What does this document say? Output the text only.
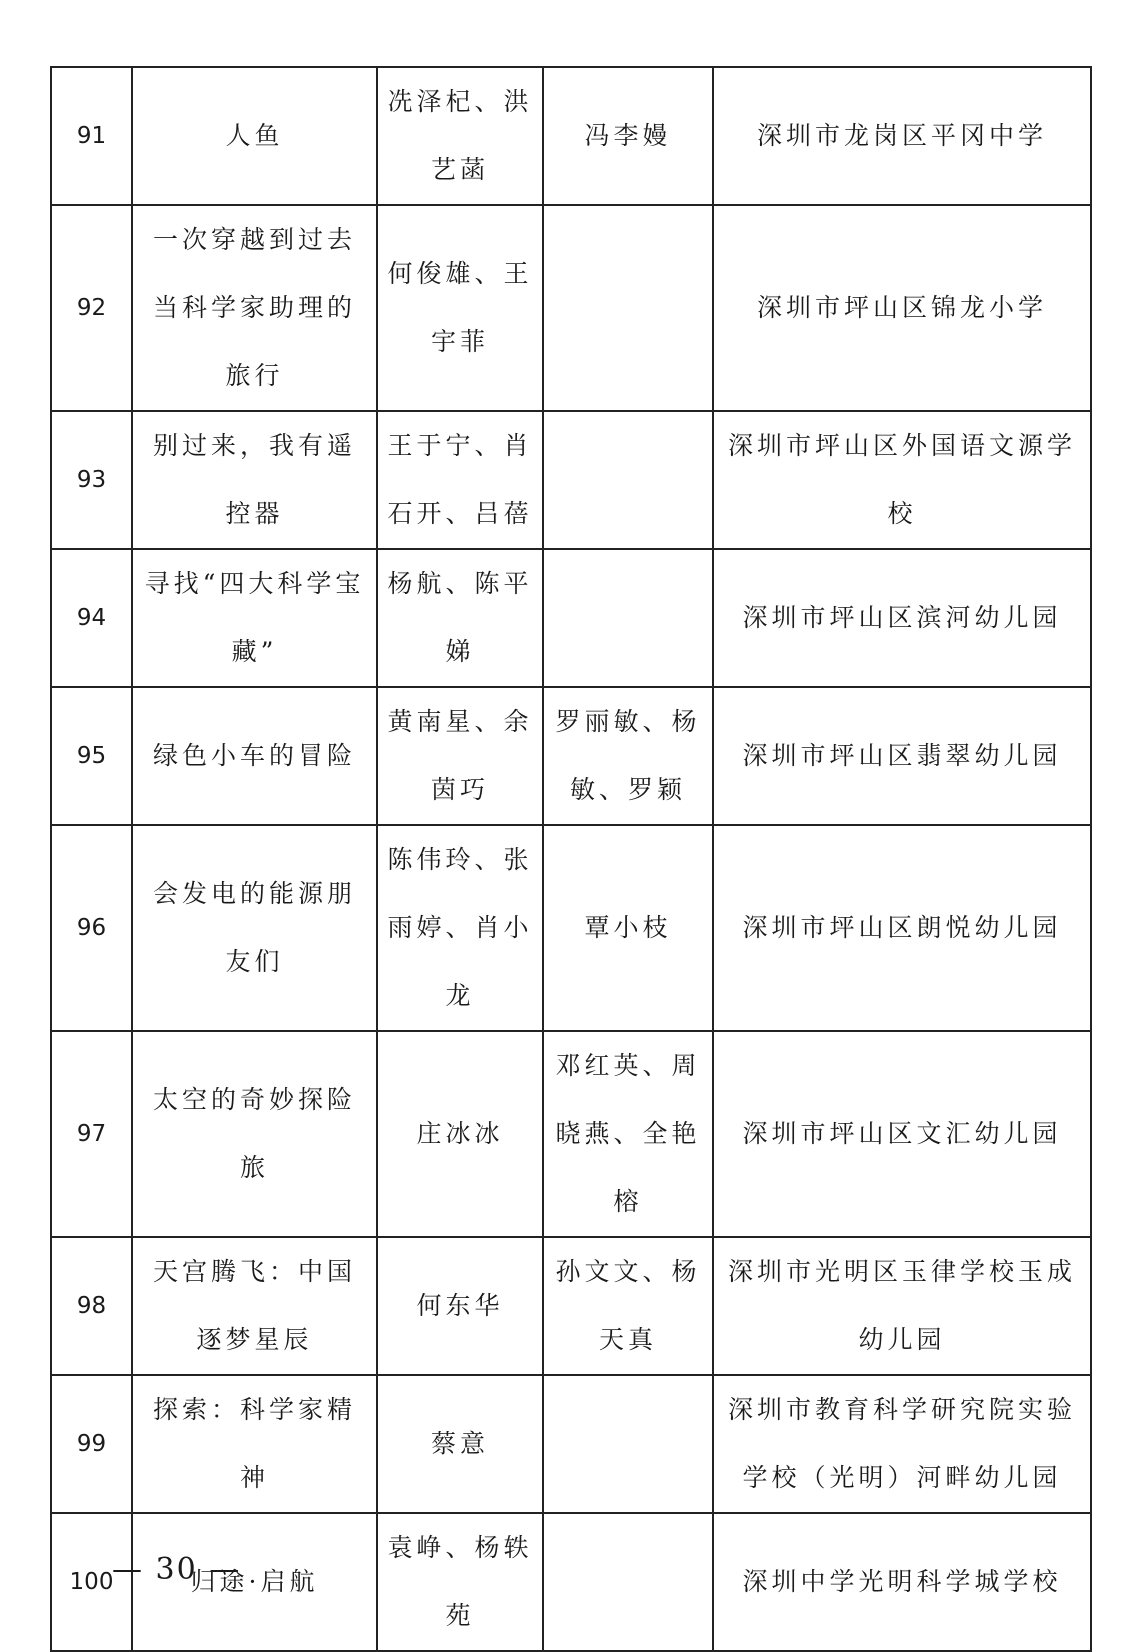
91	人鱼	冼泽杞、洪艺菡	冯李嫚	深圳市龙岗区平冈中学
92	一次穿越到过去当科学家助理的旅行	何俊雄、王宇菲		深圳市坪山区锦龙小学
93	别过来，我有遥控器	王于宁、肖石开、吕蓓		深圳市坪山区外国语文源学校
94	寻找“四大科学宝藏”	杨航、陈平娣		深圳市坪山区滨河幼儿园
95	绿色小车的冒险	黄南星、余茵巧	罗丽敏、杨敏、罗颖	深圳市坪山区翡翠幼儿园
96	会发电的能源朋友们	陈伟玲、张雨婷、肖小龙	覃小枝	深圳市坪山区朗悦幼儿园
97	太空的奇妙探险旅	庄冰冰	邓红英、周晓燕、全艳榕	深圳市坪山区文汇幼儿园
98	天宫腾飞：中国逐梦星辰	何东华	孙文文、杨天真	深圳市光明区玉律学校玉成幼儿园
99	探索：科学家精神	蔡意		深圳市教育科学研究院实验学校（光明）河畔幼儿园
100	归途·启航	袁峥、杨轶苑		深圳中学光明科学城学校
— 30 —
